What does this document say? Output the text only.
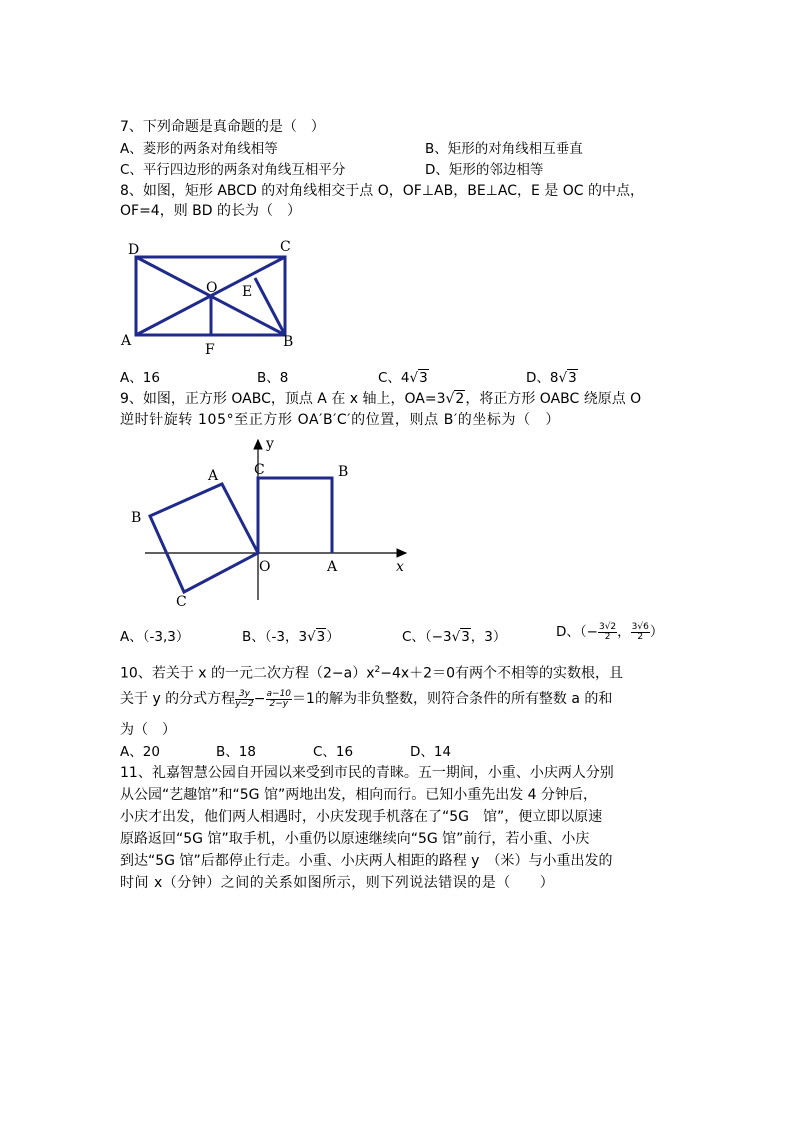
7、下列命题是真命题的是（　）
A、菱形的两条对角线相等	B、矩形的对角线相互垂直
C、平行四边形的两条对角线互相平分	D、矩形的邻边相等
8、如图，矩形 ABCD 的对角线相交于点 O，OF⊥AB，BE⊥AC，E 是 OC 的中点，
OF=4，则 BD 的长为（　）
D	C
O E
A
F	B
A、16	B、8	C、4√3	D、8√3
9、如图，正方形 OABC，顶点 A 在 x 轴上，OA=3√2，将正方形 OABC 绕原点 O
逆时针旋转 105°至正方形 OA′B′C′的位置，则点 B′的坐标为（　）
y
C	B
A
B
O	A	x
C
A、（-3,3）	B、（-3，3√3）	C、（−3√3，3）	D、（− $\frac{3√2}{2}$ ， $\frac{3√6}{2}$ ）
10、若关于 x 的一元二次方程$(2-a)x^2-4x+2=0$有两个不相等的实数根，且
关于 y 的分式方程 $\frac{3y}{y-2} - \frac{a-10}{2-y} =1$的解为非负整数，则符合条件的所有整数 a 的和
为（　）
A、20	B、18	C、16	D、14
11、礼嘉智慧公园自开园以来受到市民的青睐。五一期间，小重、小庆两人分别
从公园“艺趣馆”和“5G 馆”两地出发，相向而行。已知小重先出发 4 分钟后，
小庆才出发，他们两人相遇时，小庆发现手机落在了“5G　馆”，便立即以原速
原路返回“5G 馆”取手机，小重仍以原速继续向“5G 馆”前行，若小重、小庆
到达“5G 馆”后都停止行走。小重、小庆两人相距的路程 y　（米）与小重出发的
时间 x（分钟）之间的关系如图所示，则下列说法错误的是（　　）
